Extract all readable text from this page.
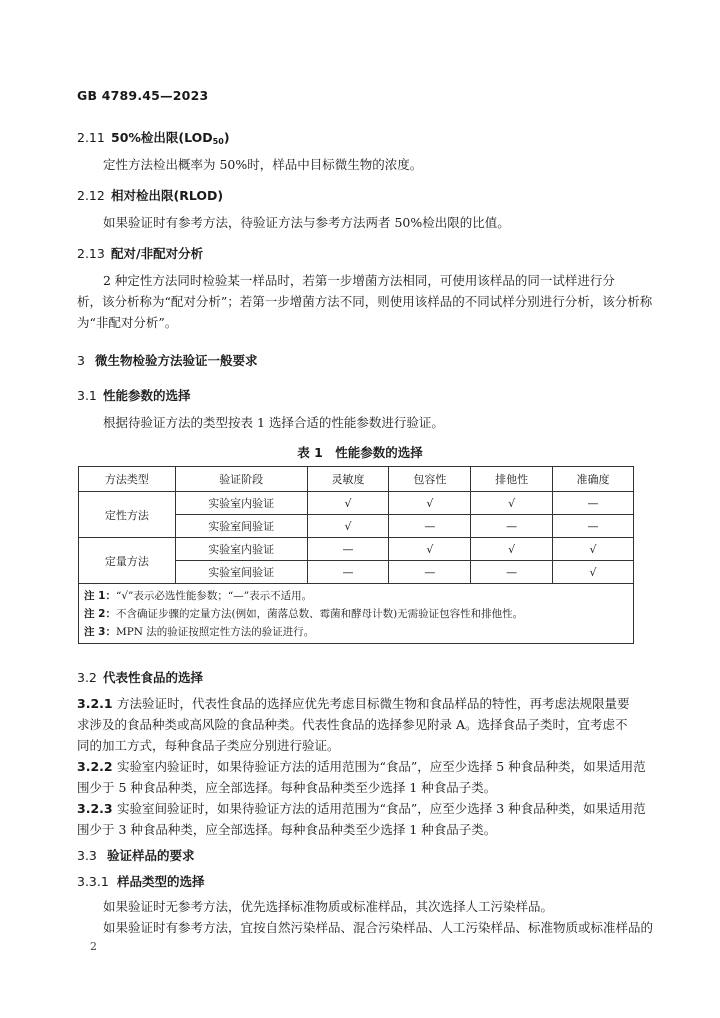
GB 4789.45—2023
2.11 50%检出限$(LOD_{50})$
定性方法检出概率为 50%时，样品中目标微生物的浓度。
2.12 相对检出限(RLOD)
如果验证时有参考方法，待验证方法与参考方法两者 50%检出限的比值。
2.13 配对/非配对分析
2 种定性方法同时检验某一样品时，若第一步增菌方法相同，可使用该样品的同一试样进行分
析，该分析称为“配对分析”；若第一步增菌方法不同，则使用该样品的不同试样分别进行分析，该分析称
为“非配对分析”。
3 微生物检验方法验证一般要求
3.1 性能参数的选择
根据待验证方法的类型按表 1 选择合适的性能参数进行验证。
表 1　性能参数的选择
方法类型	验证阶段	灵敏度	包容性	排他性	准确度
定性方法	实验室内验证	√	√	√	—
	实验室间验证	√	—	—	—
定量方法	实验室内验证	—	√	√	√
	实验室间验证	—	—	—	√
注 1：“√”表示必选性能参数；“—”表示不适用。					
注 2：不含确证步骤的定量方法(例如，菌落总数、霉菌和酵母计数)无需验证包容性和排他性。					
注 3：MPN 法的验证按照定性方法的验证进行。					
3.2 代表性食品的选择
3.2.1 方法验证时，代表性食品的选择应优先考虑目标微生物和食品样品的特性，再考虑法规限量要
求涉及的食品种类或高风险的食品种类。代表性食品的选择参见附录 A。选择食品子类时，宜考虑不
同的加工方式，每种食品子类应分别进行验证。
3.2.2 实验室内验证时，如果待验证方法的适用范围为“食品”，应至少选择 5 种食品种类，如果适用范
围少于 5 种食品种类，应全部选择。每种食品种类至少选择 1 种食品子类。
3.2.3 实验室间验证时，如果待验证方法的适用范围为“食品”，应至少选择 3 种食品种类，如果适用范
围少于 3 种食品种类，应全部选择。每种食品种类至少选择 1 种食品子类。
3.3 验证样品的要求
3.3.1 样品类型的选择
如果验证时无参考方法，优先选择标准物质或标准样品，其次选择人工污染样品。
如果验证时有参考方法，宜按自然污染样品、混合污染样品、人工污染样品、标准物质或标准样品的
2
